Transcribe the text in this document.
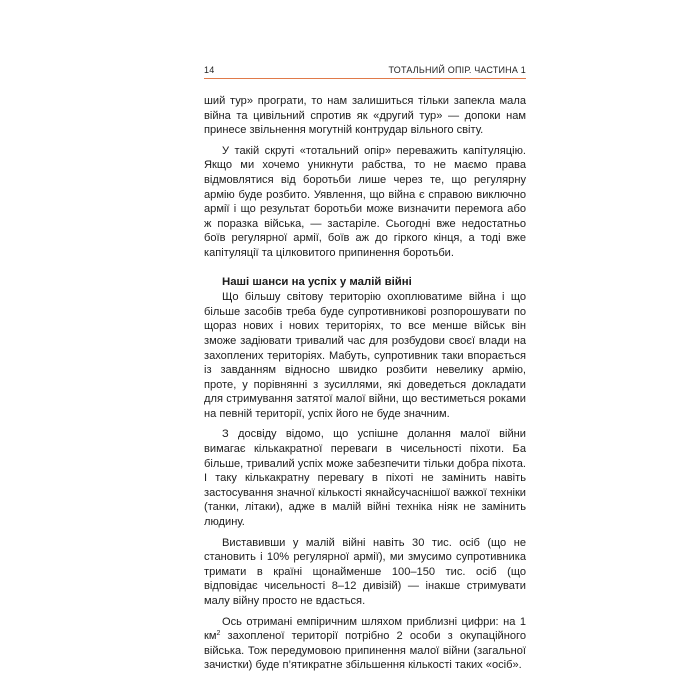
14	ТОТАЛЬНИЙ ОПІР. ЧАСТИНА 1

ший тур» програти, то нам залишиться тільки запекла мала війна та цивільний спротив як «другий тур» — допоки нам принесе звільнення могутній контрудар вільного світу.

У такій скруті «тотальний опір» переважить капітуляцію. Якщо ми хочемо уникнути рабства, то не маємо права відмовлятися від боротьби лише через те, що регулярну армію буде розбито. Уявлення, що війна є справою виключно армії і що результат боротьби може визначити перемога або ж поразка війська, — застаріле. Сьогодні вже недостатньо боїв регулярної армії, боїв аж до гіркого кінця, а тоді вже капітуляції та цілковитого припинення боротьби.

Наші шанси на успіх у малій війні

Що більшу світову територію охоплюватиме війна і що більше засобів треба буде супротивникові розпорошувати по щораз нових і нових територіях, то все менше військ він зможе задіювати тривалий час для розбудови своєї влади на захоплених територіях. Мабуть, супротивник таки впорається із завданням відносно швидко розбити невелику армію, проте, у порівнянні з зусиллями, які доведеться докладати для стримування затятої малої війни, що вестиметься роками на певній території, успіх його не буде значним.

З досвіду відомо, що успішне долання малої війни вимагає кількакратної переваги в чисельності піхоти. Ба більше, тривалий успіх може забезпечити тільки добра піхота. І таку кількакратну перевагу в піхоті не замінить навіть застосування значної кількості якнайсучаснішої важкої техніки (танки, літаки), адже в малій війні техніка ніяк не замінить людину.

Виставивши у малій війні навіть 30 тис. осіб (що не становить і 10% регулярної армії), ми змусимо супротивника тримати в країні щонайменше 100–150 тис. осіб (що відповідає чисельності 8–12 дивізій) — інакше стримувати малу війну просто не вдасться.

Ось отримані емпіричним шляхом приблизні цифри: на 1 $км^2$ захопленої території потрібно 2 особи з окупаційного війська. Тож передумовою припинення малої війни (загальної зачистки) буде п’ятикратне збільшення кількості таких «осіб».
